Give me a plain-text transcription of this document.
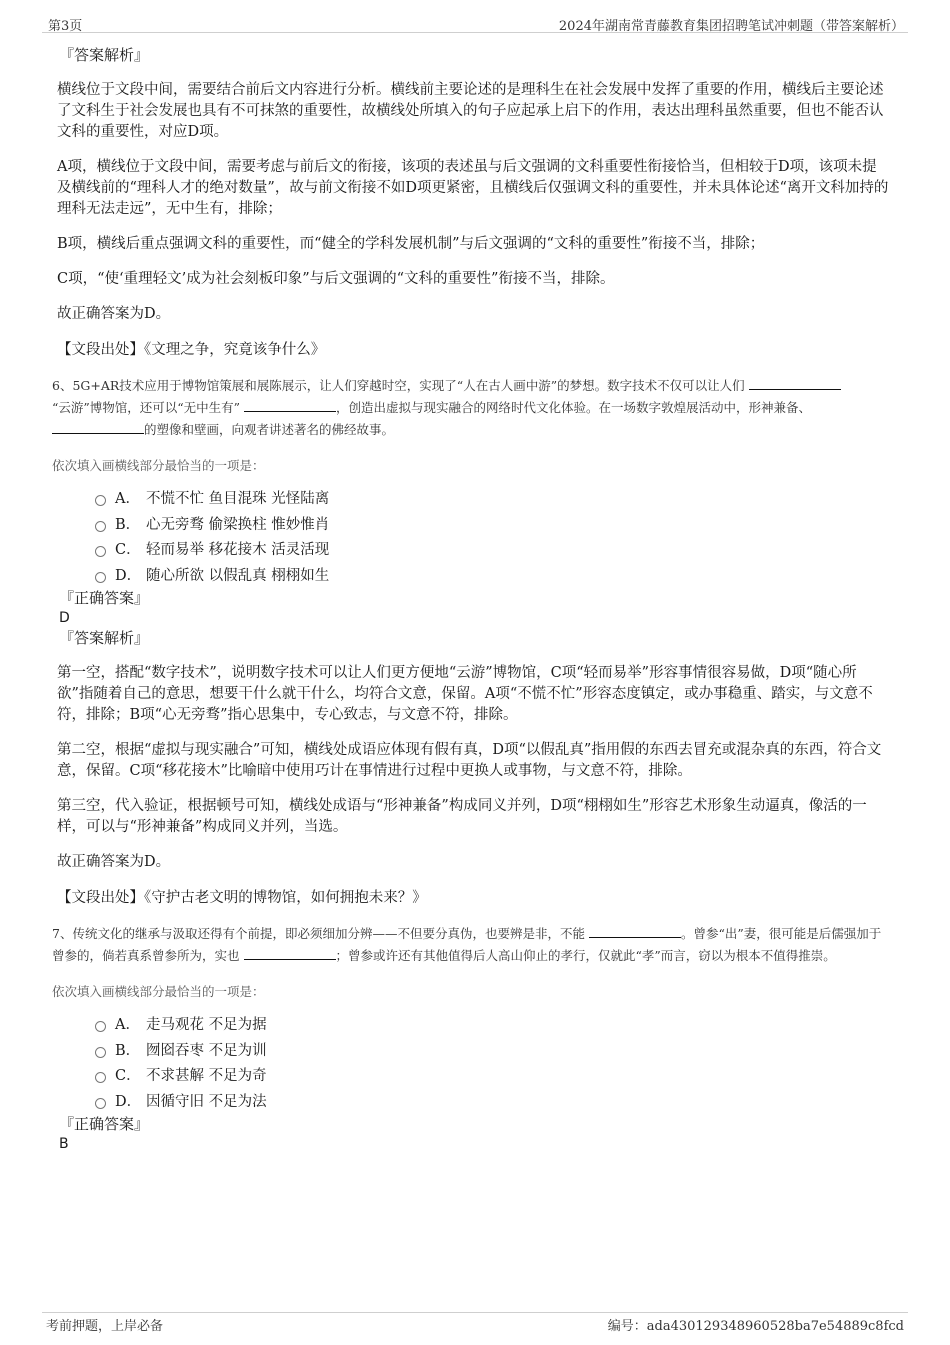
第3页	2024年湖南常青藤教育集团招聘笔试冲刺题（带答案解析）
『答案解析』

横线位于文段中间，需要结合前后文内容进行分析。横线前主要论述的是理科生在社会发展中发挥了重要的作用，横线后主要论述了文科生于社会发展也具有不可抹煞的重要性，故横线处所填入的句子应起承上启下的作用，表达出理科虽然重要，但也不能否认文科的重要性，对应D项。

A项，横线位于文段中间，需要考虑与前后文的衔接，该项的表述虽与后文强调的文科重要性衔接恰当，但相较于D项，该项未提及横线前的“理科人才的绝对数量”，故与前文衔接不如D项更紧密，且横线后仅强调文科的重要性，并未具体论述“离开文科加持的理科无法走远”，无中生有，排除；

B项，横线后重点强调文科的重要性，而“健全的学科发展机制”与后文强调的“文科的重要性”衔接不当，排除；

C项，“使‘重理轻文’成为社会刻板印象”与后文强调的“文科的重要性”衔接不当，排除。

故正确答案为D。

【文段出处】《文理之争，究竟该争什么》
6、5G+AR技术应用于博物馆策展和展陈展示，让人们穿越时空，实现了“人在古人画中游”的梦想。数字技术不仅可以让人们
“云游”博物馆，还可以“无中生有”	，创造出虚拟与现实融合的网络时代文化体验。在一场数字敦煌展活动中，形神兼备、
的塑像和壁画，向观者讲述著名的佛经故事。
依次填入画横线部分最恰当的一项是：
A． 不慌不忙 鱼目混珠 光怪陆离
B． 心无旁骛 偷梁换柱 惟妙惟肖
C． 轻而易举 移花接木 活灵活现
D． 随心所欲 以假乱真 栩栩如生
『正确答案』
D
『答案解析』

第一空，搭配“数字技术”，说明数字技术可以让人们更方便地“云游”博物馆，C项“轻而易举”形容事情很容易做，D项“随心所欲”指随着自己的意思，想要干什么就干什么，均符合文意，保留。A项“不慌不忙”形容态度镇定，或办事稳重、踏实，与文意不符，排除；B项“心无旁骛”指心思集中，专心致志，与文意不符，排除。

第二空，根据“虚拟与现实融合”可知，横线处成语应体现有假有真，D项“以假乱真”指用假的东西去冒充或混杂真的东西，符合文意，保留。C项“移花接木”比喻暗中使用巧计在事情进行过程中更换人或事物，与文意不符，排除。

第三空，代入验证，根据顿号可知，横线处成语与“形神兼备”构成同义并列，D项“栩栩如生”形容艺术形象生动逼真，像活的一样，可以与“形神兼备”构成同义并列，当选。

故正确答案为D。

【文段出处】《守护古老文明的博物馆，如何拥抱未来？》
7、传统文化的继承与汲取还得有个前提，即必须细加分辨——不但要分真伪，也要辨是非，不能	。曾参“出”妻，很可能是后儒强加于曾参的，倘若真系曾参所为，实也	；曾参或许还有其他值得后人高山仰止的孝行，仅就此“孝”而言，窃以为根本不值得推崇。
依次填入画横线部分最恰当的一项是：
A． 走马观花 不足为据
B． 囫囵吞枣 不足为训
C． 不求甚解 不足为奇
D． 因循守旧 不足为法
『正确答案』
B
考前押题，上岸必备	编号：ada430129348960528ba7e54889c8fcd
